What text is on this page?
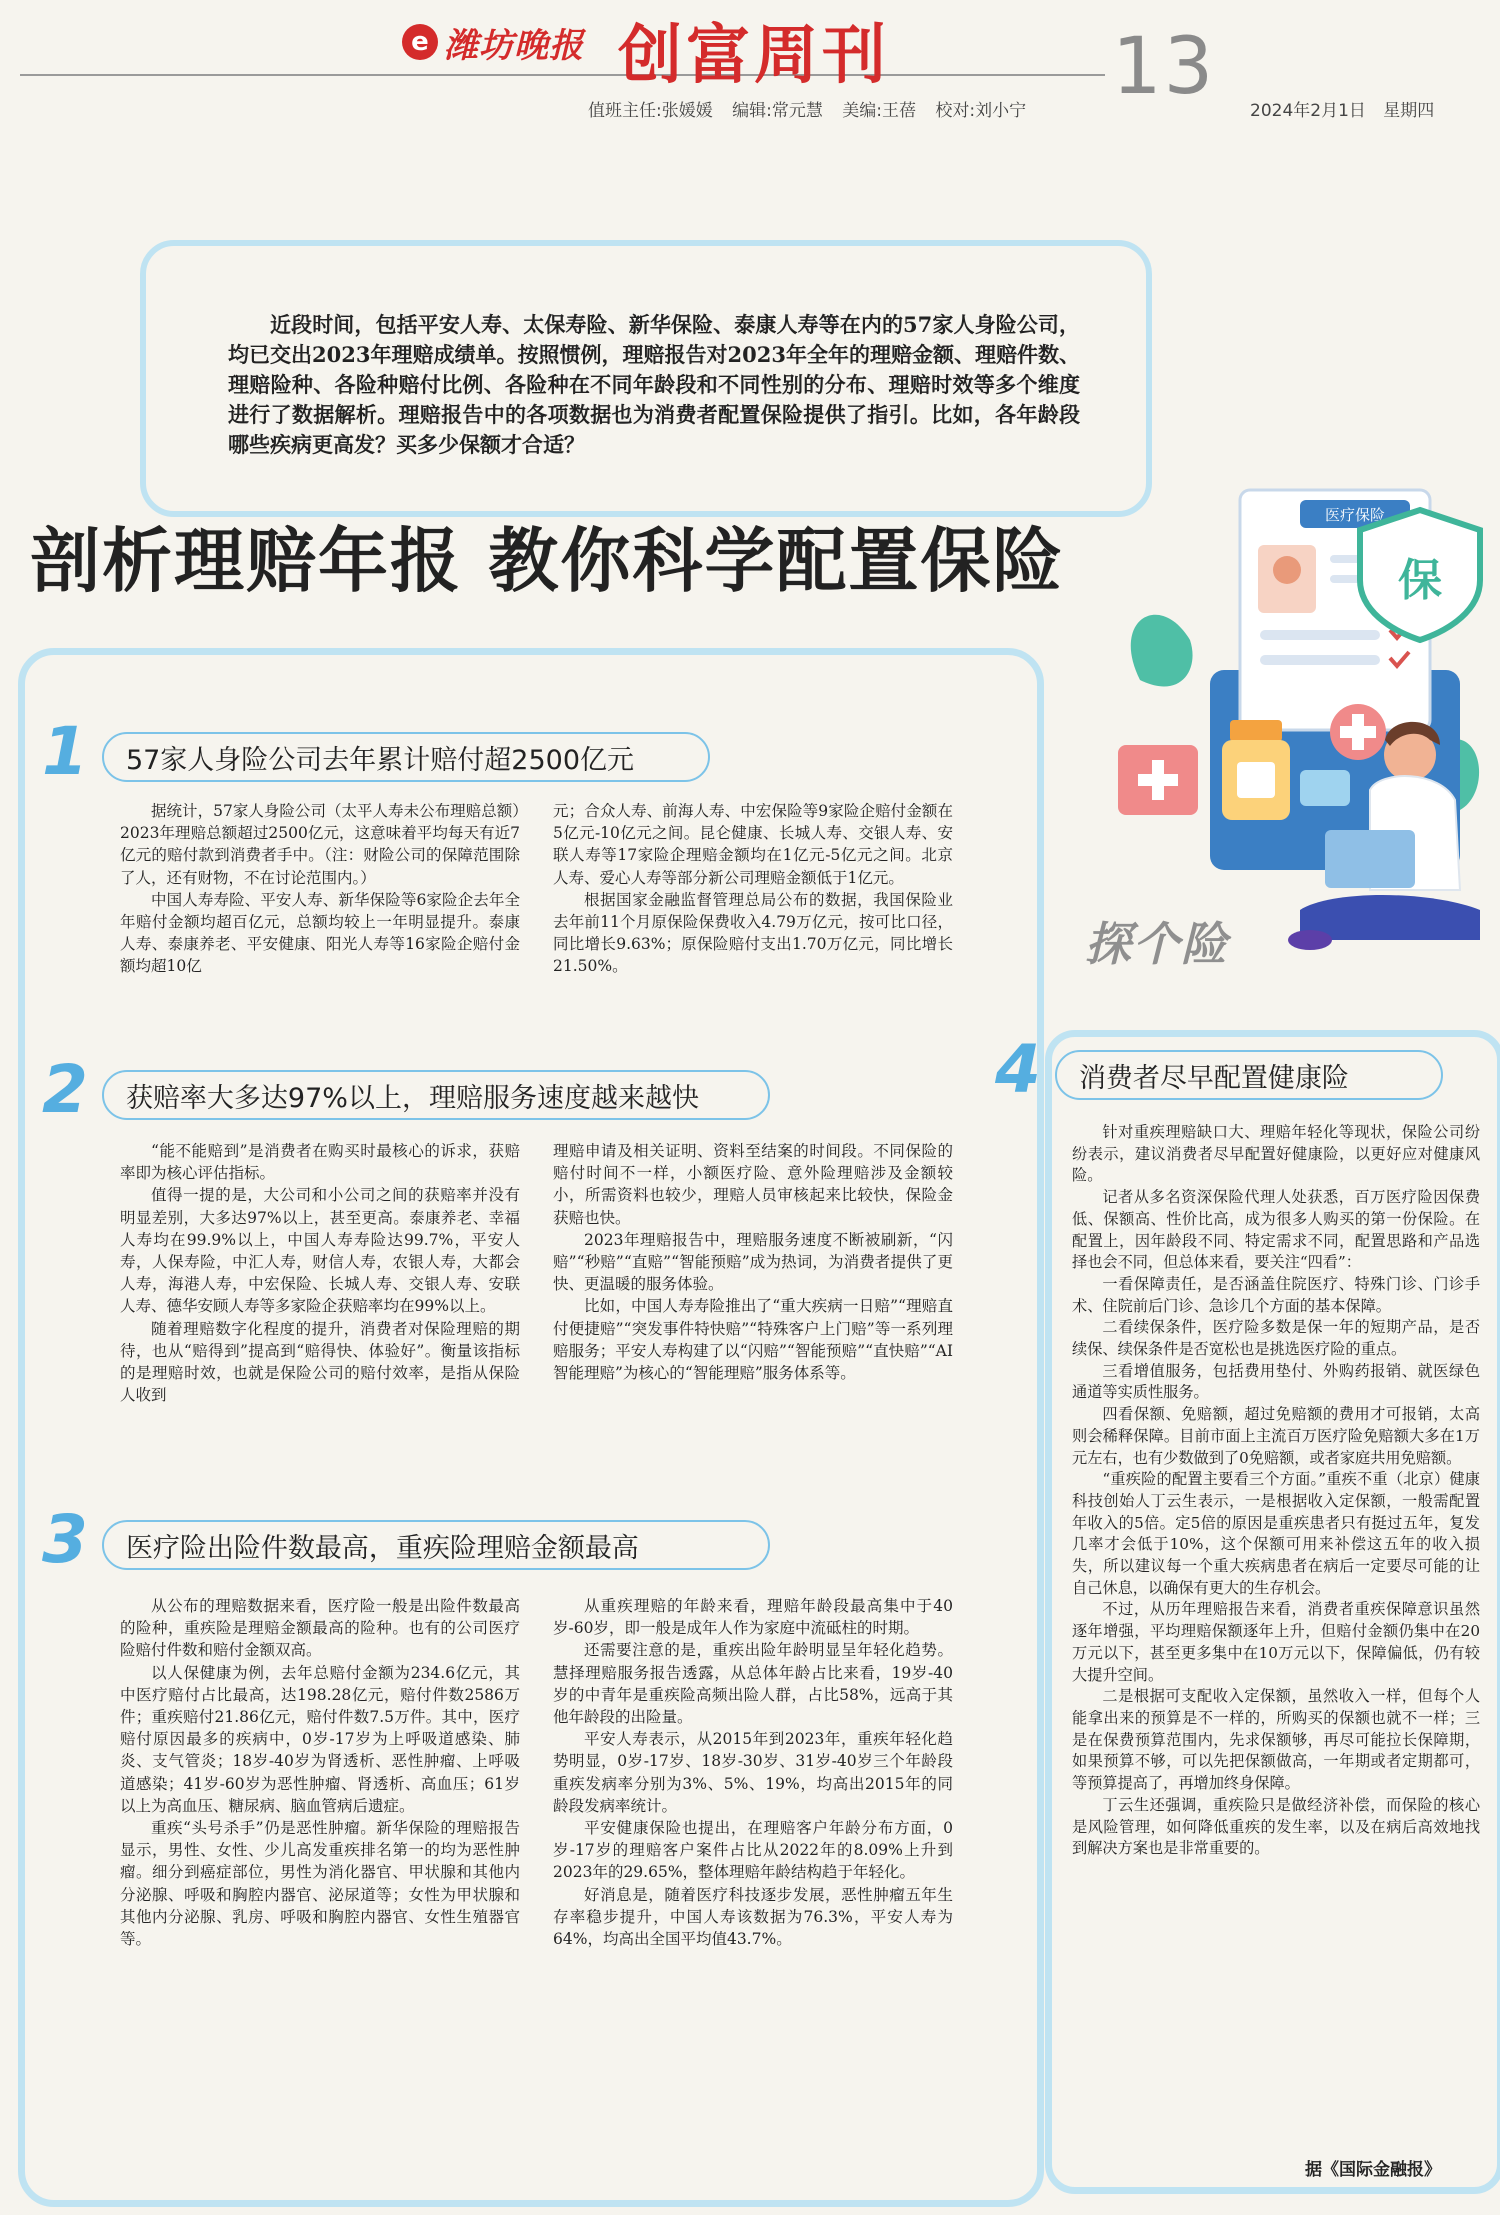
e 潍坊晚报 创富周刊	13
值班主任:张媛媛 编辑:常元慧 美编:王蓓 校对:刘小宁	2024年2月1日 星期四
近段时间，包括平安人寿、太保寿险、新华保险、泰康人寿等在内的57家人身险公司，均已交出2023年理赔成绩单。按照惯例，理赔报告对2023年全年的理赔金额、理赔件数、理赔险种、各险种赔付比例、各险种在不同年龄段和不同性别的分布、理赔时效等多个维度进行了数据解析。理赔报告中的各项数据也为消费者配置保险提供了指引。比如，各年龄段哪些疾病更高发？买多少保额才合适？
剖析理赔年报 教你科学配置保险
医疗保险
保
探个险
1	57家人身险公司去年累计赔付超2500亿元

据统计，57家人身险公司（太平人寿未公布理赔总额）2023年理赔总额超过2500亿元，这意味着平均每天有近7亿元的赔付款到消费者手中。（注：财险公司的保障范围除了人，还有财物，不在讨论范围内。）

中国人寿寿险、平安人寿、新华保险等6家险企去年全年赔付金额均超百亿元，总额均较上一年明显提升。泰康人寿、泰康养老、平安健康、阳光人寿等16家险企赔付金额均超10亿

元；合众人寿、前海人寿、中宏保险等9家险企赔付金额在5亿元-10亿元之间。昆仑健康、长城人寿、交银人寿、安联人寿等17家险企理赔金额均在1亿元-5亿元之间。北京人寿、爱心人寿等部分新公司理赔金额低于1亿元。

根据国家金融监督管理总局公布的数据，我国保险业去年前11个月原保险保费收入4.79万亿元，按可比口径，同比增长9.63%；原保险赔付支出1.70万亿元，同比增长21.50%。

2	获赔率大多达97%以上，理赔服务速度越来越快

“能不能赔到”是消费者在购买时最核心的诉求，获赔率即为核心评估指标。

值得一提的是，大公司和小公司之间的获赔率并没有明显差别，大多达97%以上，甚至更高。泰康养老、幸福人寿均在99.9%以上，中国人寿寿险达99.7%，平安人寿，人保寿险，中汇人寿，财信人寿，农银人寿，大都会人寿，海港人寿，中宏保险、长城人寿、交银人寿、安联人寿、德华安顾人寿等多家险企获赔率均在99%以上。

随着理赔数字化程度的提升，消费者对保险理赔的期待，也从“赔得到”提高到“赔得快、体验好”。衡量该指标的是理赔时效，也就是保险公司的赔付效率，是指从保险人收到

理赔申请及相关证明、资料至结案的时间段。不同保险的赔付时间不一样，小额医疗险、意外险理赔涉及金额较小，所需资料也较少，理赔人员审核起来比较快，保险金获赔也快。

2023年理赔报告中，理赔服务速度不断被刷新，“闪赔”“秒赔”“直赔”“智能预赔”成为热词，为消费者提供了更快、更温暖的服务体验。

比如，中国人寿寿险推出了“重大疾病一日赔”“理赔直付便捷赔”“突发事件特快赔”“特殊客户上门赔”等一系列理赔服务；平安人寿构建了以“闪赔”“智能预赔”“直快赔”“AI智能理赔”为核心的“智能理赔”服务体系等。

3	医疗险出险件数最高，重疾险理赔金额最高

从公布的理赔数据来看，医疗险一般是出险件数最高的险种，重疾险是理赔金额最高的险种。也有的公司医疗险赔付件数和赔付金额双高。

以人保健康为例，去年总赔付金额为234.6亿元，其中医疗赔付占比最高，达198.28亿元，赔付件数2586万件；重疾赔付21.86亿元，赔付件数7.5万件。其中，医疗赔付原因最多的疾病中，0岁-17岁为上呼吸道感染、肺炎、支气管炎；18岁-40岁为肾透析、恶性肿瘤、上呼吸道感染；41岁-60岁为恶性肿瘤、肾透析、高血压；61岁以上为高血压、糖尿病、脑血管病后遗症。

重疾“头号杀手”仍是恶性肿瘤。新华保险的理赔报告显示，男性、女性、少儿高发重疾排名第一的均为恶性肿瘤。细分到癌症部位，男性为消化器官、甲状腺和其他内分泌腺、呼吸和胸腔内器官、泌尿道等；女性为甲状腺和其他内分泌腺、乳房、呼吸和胸腔内器官、女性生殖器官等。

从重疾理赔的年龄来看，理赔年龄段最高集中于40岁-60岁，即一般是成年人作为家庭中流砥柱的时期。

还需要注意的是，重疾出险年龄明显呈年轻化趋势。慧择理赔服务报告透露，从总体年龄占比来看，19岁-40岁的中青年是重疾险高频出险人群，占比58%，远高于其他年龄段的出险量。

平安人寿表示，从2015年到2023年，重疾年轻化趋势明显，0岁-17岁、18岁-30岁、31岁-40岁三个年龄段重疾发病率分别为3%、5%、19%，均高出2015年的同龄段发病率统计。

平安健康保险也提出，在理赔客户年龄分布方面，0岁-17岁的理赔客户案件占比从2022年的8.09%上升到2023年的29.65%，整体理赔年龄结构趋于年轻化。

好消息是，随着医疗科技逐步发展，恶性肿瘤五年生存率稳步提升，中国人寿该数据为76.3%，平安人寿为64%，均高出全国平均值43.7%。

4	消费者尽早配置健康险

针对重疾理赔缺口大、理赔年轻化等现状，保险公司纷纷表示，建议消费者尽早配置好健康险，以更好应对健康风险。

记者从多名资深保险代理人处获悉，百万医疗险因保费低、保额高、性价比高，成为很多人购买的第一份保险。在配置上，因年龄段不同、特定需求不同，配置思路和产品选择也会不同，但总体来看，要关注“四看”：

一看保障责任，是否涵盖住院医疗、特殊门诊、门诊手术、住院前后门诊、急诊几个方面的基本保障。

二看续保条件，医疗险多数是保一年的短期产品，是否续保、续保条件是否宽松也是挑选医疗险的重点。

三看增值服务，包括费用垫付、外购药报销、就医绿色通道等实质性服务。

四看保额、免赔额，超过免赔额的费用才可报销，太高则会稀释保障。目前市面上主流百万医疗险免赔额大多在1万元左右，也有少数做到了0免赔额，或者家庭共用免赔额。

“重疾险的配置主要看三个方面。”重疾不重（北京）健康科技创始人丁云生表示，一是根据收入定保额，一般需配置年收入的5倍。定5倍的原因是重疾患者只有挺过五年，复发几率才会低于10%，这个保额可用来补偿这五年的收入损失，所以建议每一个重大疾病患者在病后一定要尽可能的让自己休息，以确保有更大的生存机会。

不过，从历年理赔报告来看，消费者重疾保障意识虽然逐年增强，平均理赔保额逐年上升，但赔付金额仍集中在20万元以下，甚至更多集中在10万元以下，保障偏低，仍有较大提升空间。

二是根据可支配收入定保额，虽然收入一样，但每个人能拿出来的预算是不一样的，所购买的保额也就不一样；三是在保费预算范围内，先求保额够，再尽可能拉长保障期，如果预算不够，可以先把保额做高，一年期或者定期都可，等预算提高了，再增加终身保障。

丁云生还强调，重疾险只是做经济补偿，而保险的核心是风险管理，如何降低重疾的发生率，以及在病后高效地找到解决方案也是非常重要的。

据《国际金融报》
